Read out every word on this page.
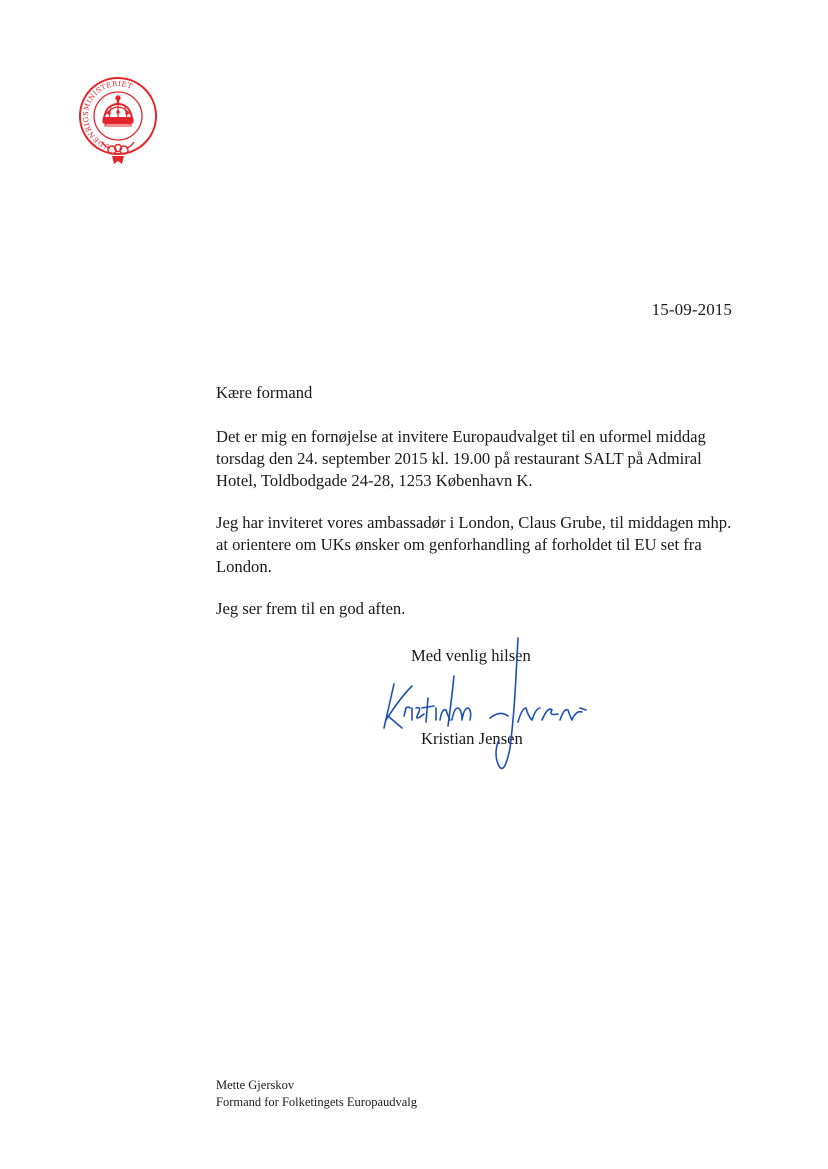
UDENRIGSMINISTERIET
15-09-2015

Kære formand

Det er mig en fornøjelse at invitere Europaudvalget til en uformel middag torsdag den 24. september 2015 kl. 19.00 på restaurant SALT på Admiral Hotel, Toldbodgade 24-28, 1253 København K.

Jeg har inviteret vores ambassadør i London, Claus Grube, til middagen mhp. at orientere om UKs ønsker om genforhandling af forholdet til EU set fra London.

Jeg ser frem til en god aften.

Med venlig hilsen
Kristian Jensen
Mette Gjerskov
Formand for Folketingets Europaudvalg
